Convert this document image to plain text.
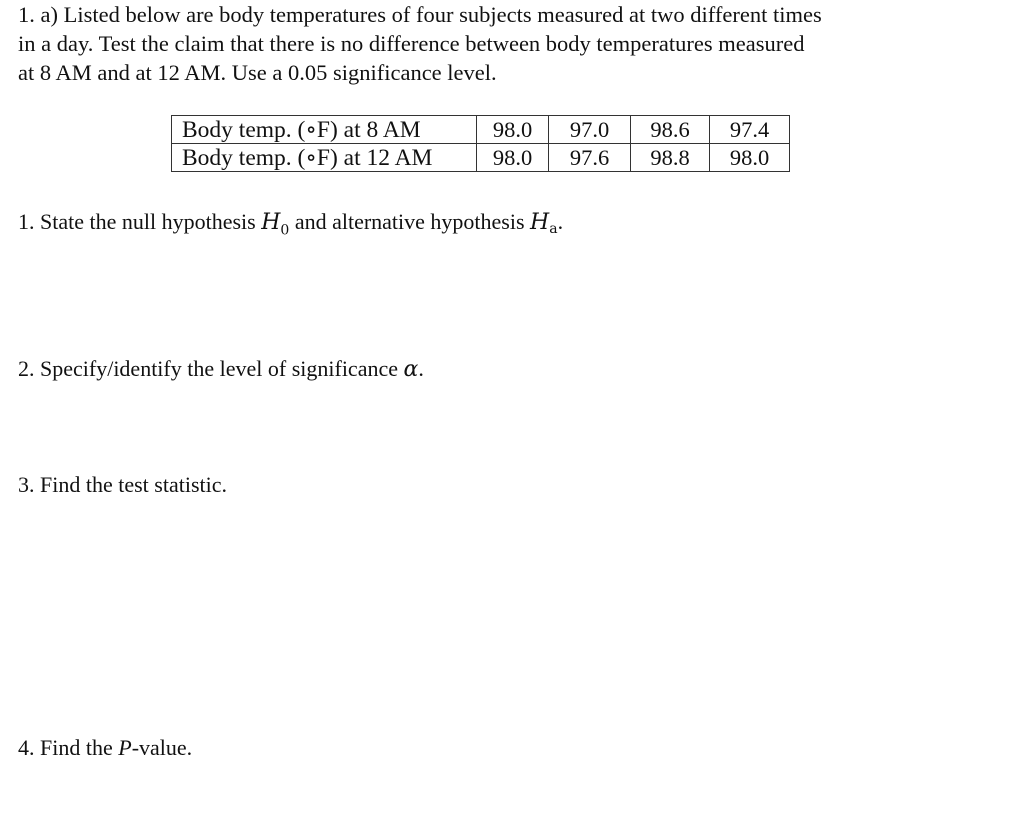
1. a) Listed below are body temperatures of four subjects measured at two different times
in a day. Test the claim that there is no difference between body temperatures measured
at 8 AM and at 12 AM. Use a 0.05 significance level.
Body temp. (∘F) at 8 AM	98.0	97.0	98.6	97.4
Body temp. (∘F) at 12 AM	98.0	97.6	98.8	98.0

1. State the null hypothesis $H_0$ and alternative hypothesis $H_a$.

2. Specify/identify the level of significance α.

3. Find the test statistic.

4. Find the P-value.
